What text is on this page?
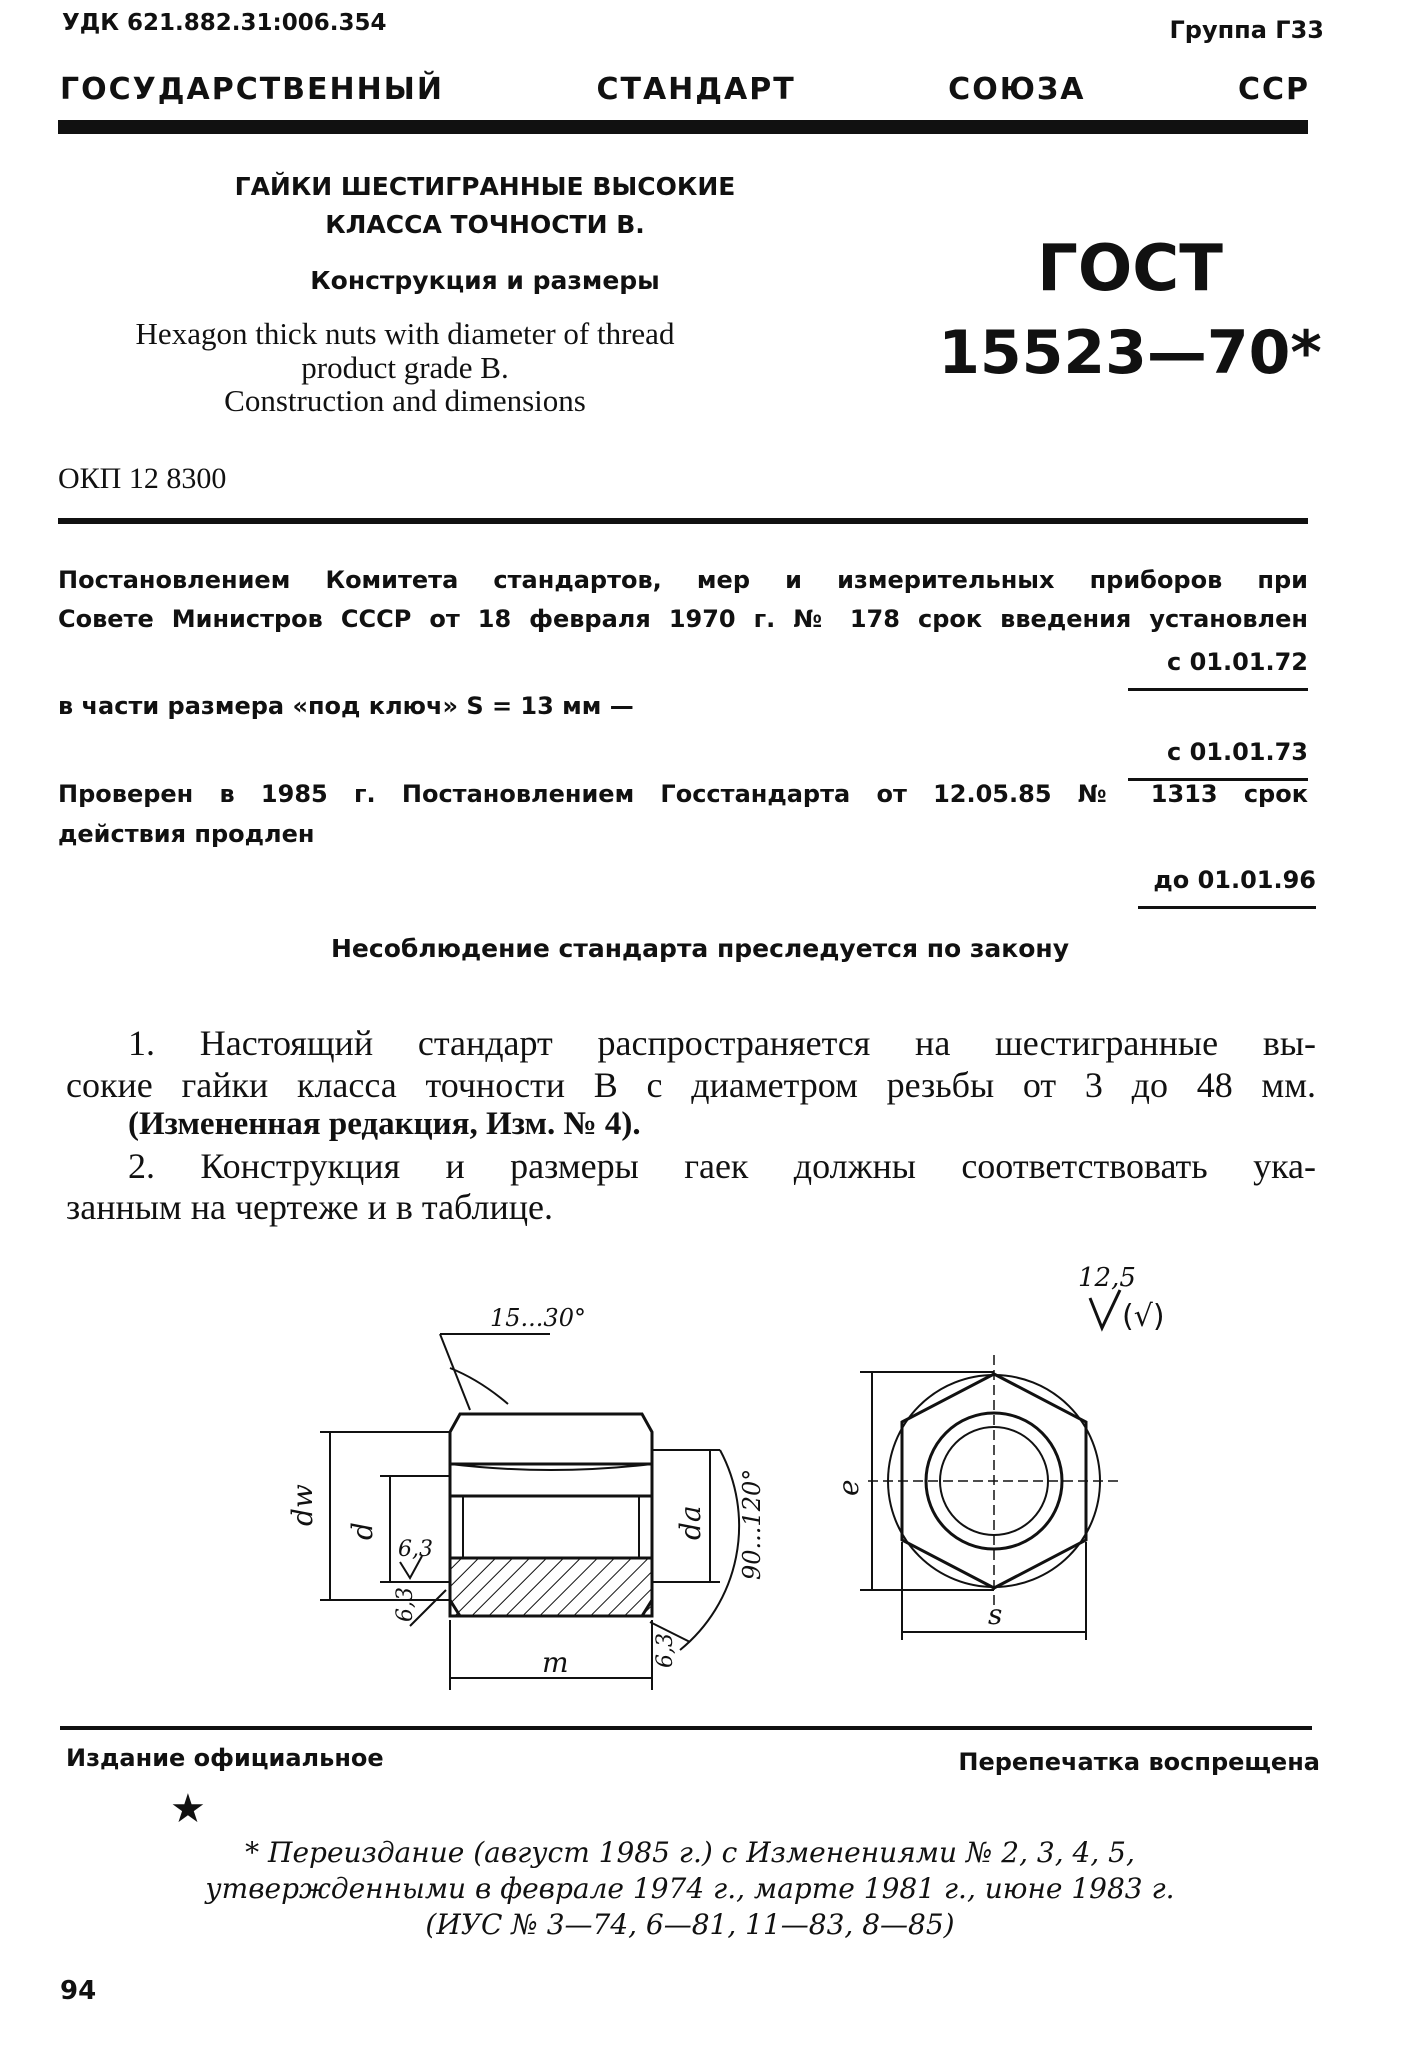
УДК 621.882.31:006.354	Группа Г33
ГОСУДАРСТВЕННЫЙ СТАНДАРТ СОЮЗА ССР
ГАЙКИ ШЕСТИГРАННЫЕ ВЫСОКИЕ
КЛАССА ТОЧНОСТИ В.
Конструкция и размеры
Hexagon thick nuts with diameter of thread
product grade B.
Construction and dimensions
ГОСТ
15523—70*
ОКП 12 8300
Постановлением Комитета стандартов, мер и измерительных приборов при
Совете Министров СССР от 18 февраля 1970 г. № 178 срок введения установлен
с 01.01.72
в части размера «под ключ» S = 13 мм —
с 01.01.73
Проверен в 1985 г. Постановлением Госстандарта от 12.05.85 № 1313 срок
действия продлен
до 01.01.96
Несоблюдение стандарта преследуется по закону
1. Настоящий стандарт распространяется на шестигранные вы-
сокие гайки класса точности В с диаметром резьбы от 3 до 48 мм.
(Измененная редакция, Изм. № 4).
2. Конструкция и размеры гаек должны соответствовать ука-
занным на чертеже и в таблице.
15...30°
dw
d	da 90...120°
6,3
6,3
6,3
m
e
s
12,5
(√)
Издание официальное	Перепечатка воспрещена
★
* Переиздание (август 1985 г.) с Изменениями № 2, 3, 4, 5,
утвержденными в феврале 1974 г., марте 1981 г., июне 1983 г.
(ИУС № 3—74, 6—81, 11—83, 8—85)
94
